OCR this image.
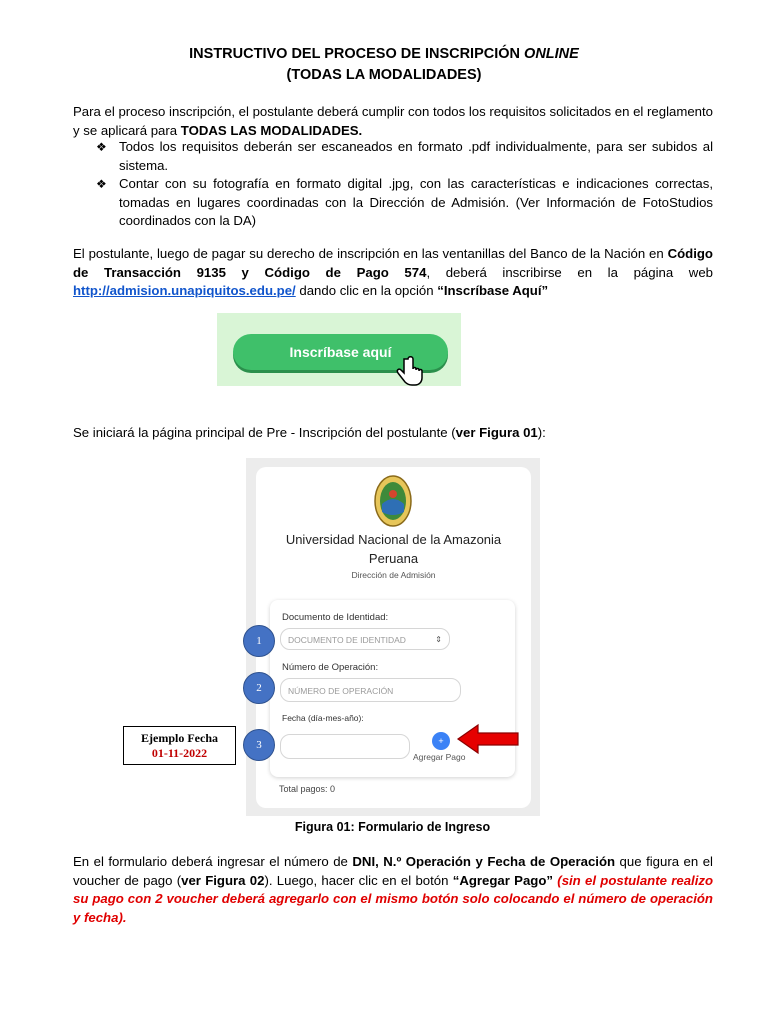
INSTRUCTIVO DEL PROCESO DE INSCRIPCIÓN ONLINE
(TODAS LA MODALIDADES)
Para el proceso inscripción, el postulante deberá cumplir con todos los requisitos solicitados en el reglamento y se aplicará para TODAS LAS MODALIDADES.
❖ Todos los requisitos deberán ser escaneados en formato .pdf individualmente, para ser subidos al sistema.
❖ Contar con su fotografía en formato digital .jpg, con las características e indicaciones correctas, tomadas en lugares coordinadas con la Dirección de Admisión. (Ver Información de FotoStudios coordinados con la DA)
El postulante, luego de pagar su derecho de inscripción en las ventanillas del Banco de la Nación en Código de Transacción 9135 y Código de Pago 574, deberá inscribirse en la página web http://admision.unapiquitos.edu.pe/ dando clic en la opción “Inscríbase Aquí”
Inscríbase aquí
Se iniciará la página principal de Pre - Inscripción del postulante (ver Figura 01):
Universidad Nacional de la Amazonia
Peruana
Dirección de Admisión
Documento de Identidad:
DOCUMENTO DE IDENTIDAD	⇕
Número de Operación:
NÚMERO DE OPERACIÓN
Fecha (día-mes-año):
+
Agregar Pago
Total pagos: 0
1
2
3
Ejemplo Fecha
01-11-2022
Figura 01: Formulario de Ingreso
En el formulario deberá ingresar el número de DNI, N.º Operación y Fecha de Operación que figura en el voucher de pago (ver Figura 02). Luego, hacer clic en el botón “Agregar Pago” (sin el postulante realizo su pago con 2 voucher deberá agregarlo con el mismo botón solo colocando el número de operación y fecha).
